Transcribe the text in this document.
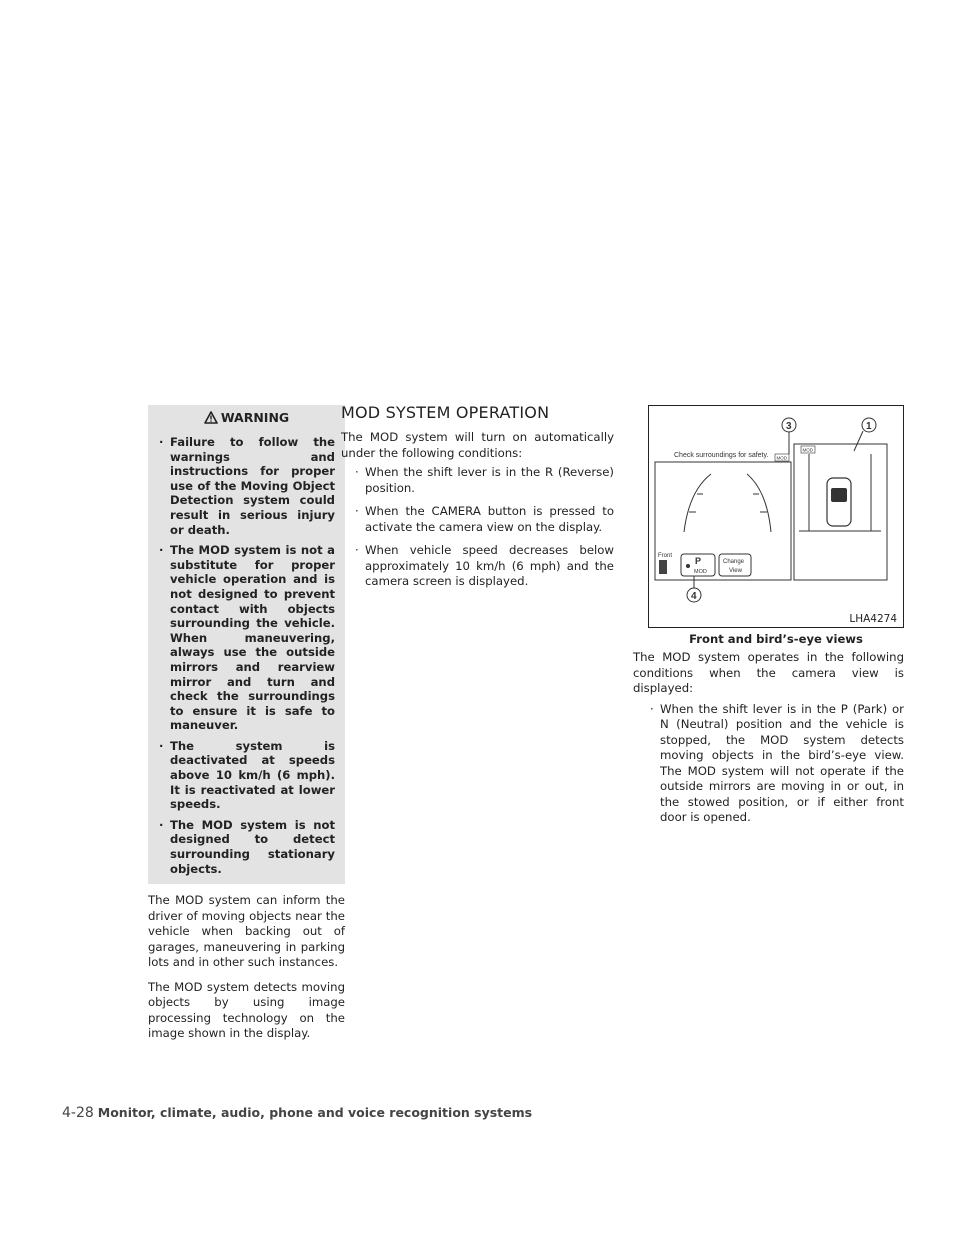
WARNING
· Failure to follow the warnings and instructions for proper use of the Moving Object Detection system could result in serious injury or death.
· The MOD system is not a substitute for proper vehicle operation and is not designed to prevent contact with objects surrounding the vehicle. When maneuvering, always use the outside mirrors and rearview mirror and turn and check the surroundings to ensure it is safe to maneuver.
· The system is deactivated at speeds above 10 km/h (6 mph). It is reactivated at lower speeds.
· The MOD system is not designed to detect surrounding stationary objects.

The MOD system can inform the driver of moving objects near the vehicle when backing out of garages, maneuvering in parking lots and in other such instances.

The MOD system detects moving objects by using image processing technology on the image shown in the display.

MOD SYSTEM OPERATION

The MOD system will turn on automatically under the following conditions:

· When the shift lever is in the R (Reverse) position.
· When the CAMERA button is pressed to activate the camera view on the display.
· When vehicle speed decreases below approximately 10 km/h (6 mph) and the camera screen is displayed.
Check surroundings for safety. MOD
Front	P
MOD
Change
View
MOD
3	1
4
LHA4274
Front and bird’s-eye views

The MOD system operates in the following conditions when the camera view is displayed:

· When the shift lever is in the P (Park) or N (Neutral) position and the vehicle is stopped, the MOD system detects moving objects in the bird’s-eye view. The MOD system will not operate if the outside mirrors are moving in or out, in the stowed position, or if either front door is opened.
4-28 Monitor, climate, audio, phone and voice recognition systems
